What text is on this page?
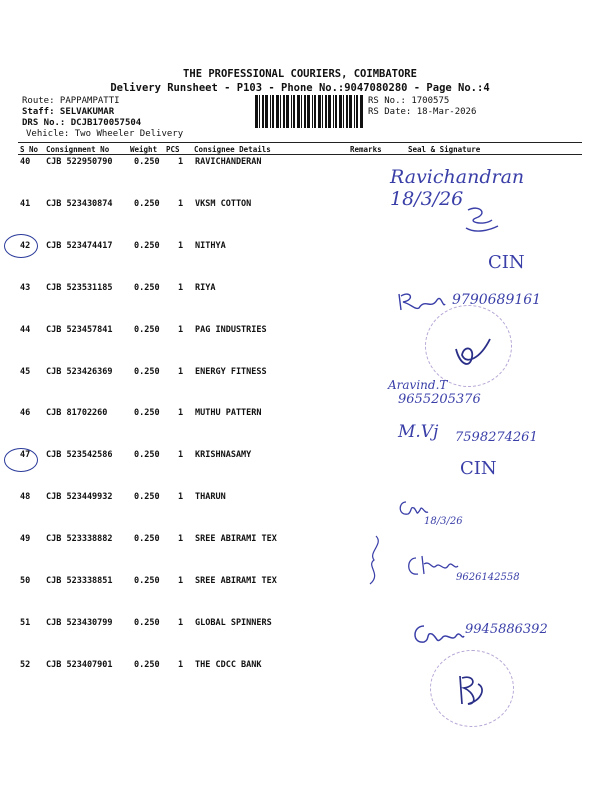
THE PROFESSIONAL COURIERS, COIMBATORE
Delivery Runsheet - P103 - Phone No.:9047080280 - Page No.:4
Route: PAPPAMPATTI
Staff: SELVAKUMAR
DRS No.: DCJB170057504
Vehicle: Two Wheeler Delivery
RS No.: 1700575
RS Date: 18-Mar-2026
S No Consignment No	Weight PCS Consignee Details	Remarks	Seal & Signature
40 CJB 522950790	0.250 1 RAVICHANDERAN
41 CJB 523430874	0.250 1 VKSM COTTON
42 CJB 523474417	0.250 1 NITHYA
43 CJB 523531185	0.250 1 RIYA
44 CJB 523457841	0.250 1 PAG INDUSTRIES
45 CJB 523426369	0.250 1 ENERGY FITNESS
46 CJB 81702260	0.250 1 MUTHU PATTERN
47 CJB 523542586	0.250 1 KRISHNASAMY
48 CJB 523449932	0.250 1 THARUN
49 CJB 523338882	0.250 1 SREE ABIRAMI TEX
50 CJB 523338851	0.250 1 SREE ABIRAMI TEX
51 CJB 523430799	0.250 1 GLOBAL SPINNERS
52 CJB 523407901	0.250 1 THE CDCC BANK
Ravichandran 18/3/26
CIN
9790689161
Aravind.T
9655205376
M.Vj 7598274261
CIN
18/3/26
9626142558
9945886392
